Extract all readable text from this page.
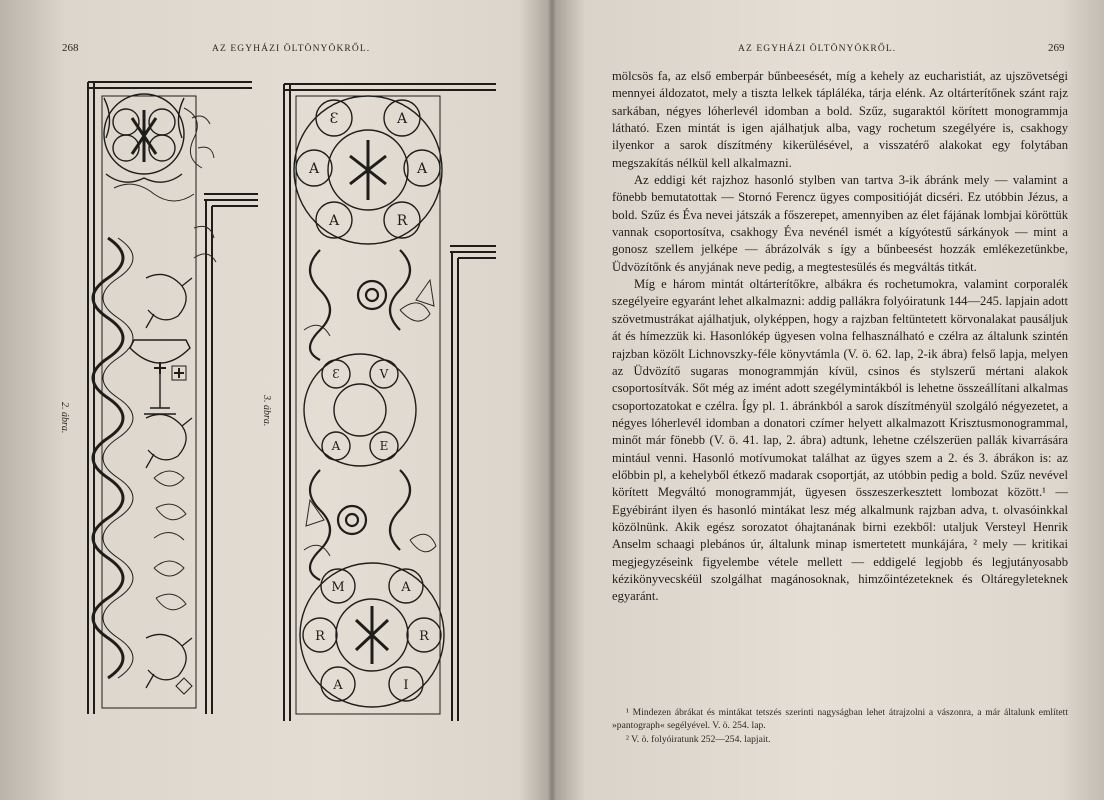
268	AZ EGYHÁZI ÖLTÖNYÖKRŐL.
2. ábra.
Ɛ	A
A	A
A	R
Ɛ	V
A	E
M	A
R	R
A	I
3. ábra.
AZ EGYHÁZI ÖLTÖNYÖKRŐL.	269

mölcsös fa, az első emberpár bűnbeesését, míg a kehely az eucharistiát, az ujszövetségi mennyei áldozatot, mely a tiszta lelkek tápláléka, tárja elénk. Az oltárterítőnek szánt rajz sarkában, négyes lóherlevél idomban a bold. Szűz, sugaraktól körített monogrammja látható. Ezen mintát is igen ajálhatjuk alba, vagy rochetum szegélyére is, csakhogy ilyenkor a sarok díszítmény kikerülésével, a visszatérő alakokat egy folytában megszakítás nélkül kell alkalmazni.

Az eddigi két rajzhoz hasonló stylben van tartva 3-ik ábránk mely — valamint a fönebb bemutatottak — Stornó Ferencz ügyes compositióját dicséri. Ez utóbbin Jézus, a bold. Szűz és Éva nevei játszák a főszerepet, amennyiben az élet fájának lombjai köröttük vannak csoportosítva, csakhogy Éva nevénél ismét a kígyótestű sárkányok — mint a gonosz szellem jelképe — ábrázolvák s így a bűnbeesést hozzák emlékezetünkbe, Üdvözítőnk és anyjának neve pedig, a megtestesülés és megváltás titkát.

Míg e három mintát oltárterítőkre, albákra és rochetumokra, valamint corporalék szegélyeire egyaránt lehet alkalmazni: addig pallákra folyóiratunk 144—245. lapjain adott szövetmustrákat ajálhatjuk, olyképpen, hogy a rajzban feltüntetett körvonalakat pausáljuk át és hímezzük ki. Hasonlókép ügyesen volna felhasználható e czélra az általunk szintén rajzban közölt Lichnovszky-féle könyvtámla (V. ö. 62. lap, 2-ik ábra) felső lapja, melyen az Üdvözítő sugaras monogrammján kívül, csinos és stylszerű mértani alakok csoportosítvák. Sőt még az imént adott szegélymintákból is lehetne összeállítani alkalmas csoportozatokat e czélra. Így pl. 1. ábránkból a sarok díszítményül szolgáló négyezetet, a négyes lóherlevél idomban a donatori czímer helyett alkalmazott Krisztusmonogrammal, minőt már fönebb (V. ö. 41. lap, 2. ábra) adtunk, lehetne czélszerüen pallák kivarrására mintául venni. Hasonló motívumokat találhat az ügyes szem a 2. és 3. ábrákon is: az előbbin pl, a kehelyből étkező madarak csoportját, az utóbbin pedig a bold. Szűz nevével körített Megváltó monogrammját, ügyesen összeszerkesztett lombozat között.¹ — Egyébiránt ilyen és hasonló mintákat lesz még alkalmunk rajzban adva, t. olvasóinkkal közölnünk. Akik egész sorozatot óhajtanának birni ezekből: utaljuk Versteyl Henrik Anselm schaagi plebános úr, általunk minap ismertetett munkájára, ² mely — kritikai megjegyzéseink figyelembe vétele mellett — eddigelé legjobb és legjutányosabb kézikönyvecskéül szolgálhat magánosoknak, himzőintézeteknek és Oltáregyleteknek egyaránt.

¹ Mindezen ábrákat és mintákat tetszés szerinti nagyságban lehet átrajzolni a vászonra, a már általunk említett »pantograph« segélyével. V. ö. 254. lap.

² V. ö. folyóiratunk 252—254. lapjait.
